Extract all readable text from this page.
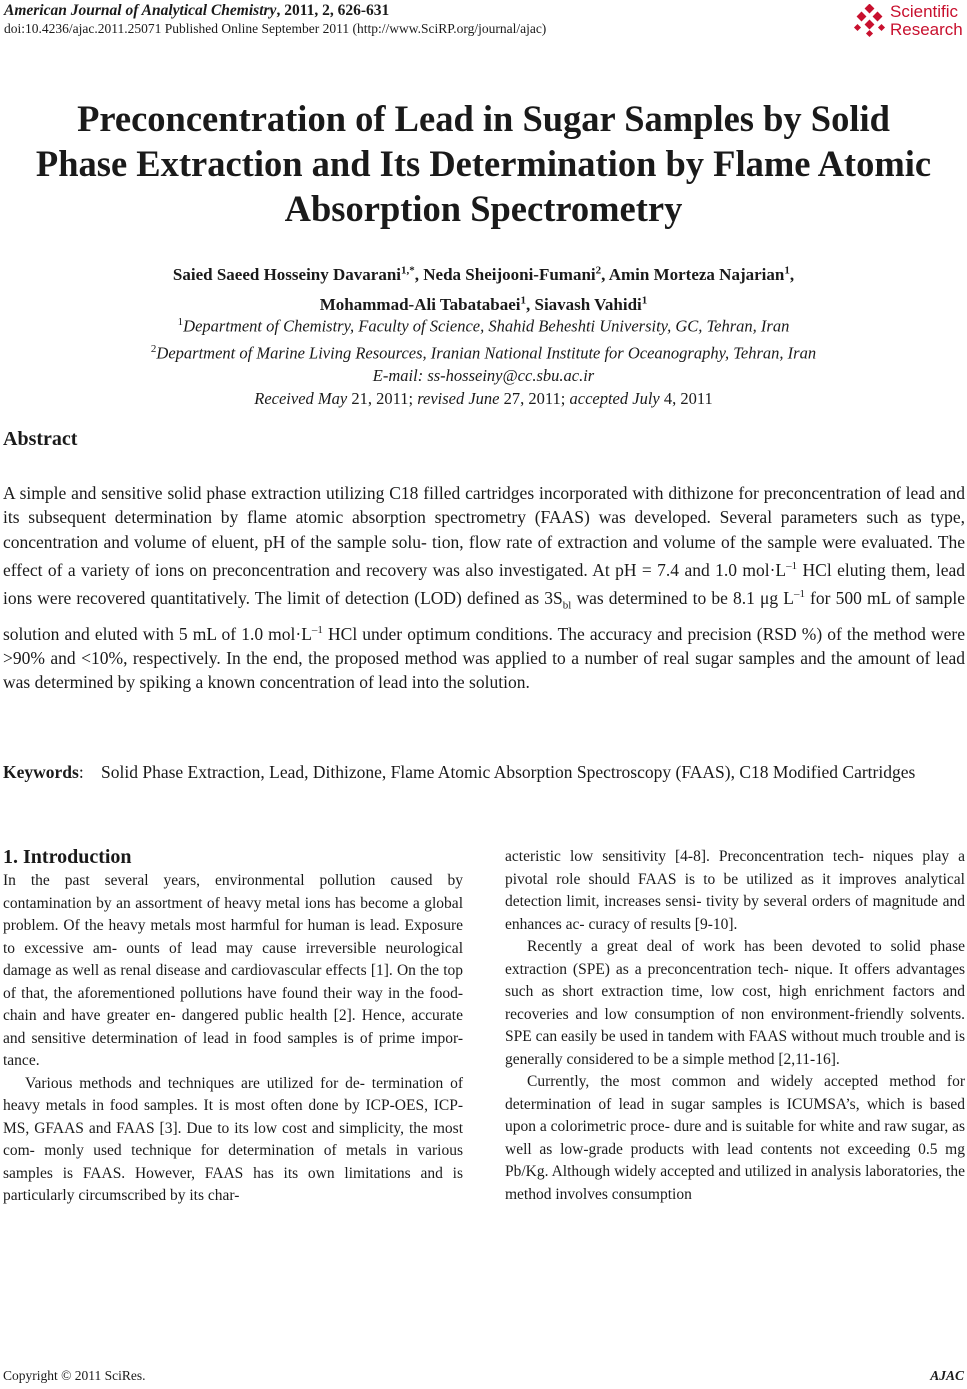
American Journal of Analytical Chemistry, 2011, 2, 626-631
doi:10.4236/ajac.2011.25071 Published Online September 2011 (http://www.SciRP.org/journal/ajac)
Scientific
Research
Preconcentration of Lead in Sugar Samples by Solid Phase Extraction and Its Determination by Flame Atomic Absorption Spectrometry
Saied Saeed Hosseiny Davarani$^{1,*}$, Neda Sheijooni-Fumani$^2$, Amin Morteza Najarian$^1$,
Mohammad-Ali Tabatabaei$^1$, Siavash Vahidi$^1$
$^1$Department of Chemistry, Faculty of Science, Shahid Beheshti University, GC, Tehran, Iran
$^2$Department of Marine Living Resources, Iranian National Institute for Oceanography, Tehran, Iran
E-mail: ss-hosseiny@cc.sbu.ac.ir
Received May 21, 2011; revised June 27, 2011; accepted July 4, 2011
Abstract
A simple and sensitive solid phase extraction utilizing C18 filled cartridges incorporated with dithizone for preconcentration of lead and its subsequent determination by flame atomic absorption spectrometry (FAAS) was developed. Several parameters such as type, concentration and volume of eluent, pH of the sample solu- tion, flow rate of extraction and volume of the sample were evaluated. The effect of a variety of ions on preconcentration and recovery was also investigated. At pH = 7.4 and 1.0 $mol\cdot L^{-1}$ HCl eluting them, lead ions were recovered quantitatively. The limit of detection (LOD) defined as $3S_{bl}$ was determined to be 8.1 μg $L^{-1}$ for 500 mL of sample solution and eluted with 5 mL of 1.0 $mol\cdot L^{-1}$ HCl under optimum conditions. The accuracy and precision (RSD %) of the method were >90% and <10%, respectively. In the end, the proposed method was applied to a number of real sugar samples and the amount of lead was determined by spiking a known concentration of lead into the solution.
Keywords: Solid Phase Extraction, Lead, Dithizone, Flame Atomic Absorption Spectroscopy (FAAS), C18 Modified Cartridges
1. Introduction

In the past several years, environmental pollution caused by contamination by an assortment of heavy metal ions has become a global problem. Of the heavy metals most harmful for human is lead. Exposure to excessive am- ounts of lead may cause irreversible neurological damage as well as renal disease and cardiovascular effects [1]. On the top of that, the aforementioned pollutions have found their way in the food-chain and have greater en- dangered public health [2]. Hence, accurate and sensitive determination of lead in food samples is of prime impor- tance.

Various methods and techniques are utilized for de- termination of heavy metals in food samples. It is most often done by ICP-OES, ICP-MS, GFAAS and FAAS [3]. Due to its low cost and simplicity, the most com- monly used technique for determination of metals in various samples is FAAS. However, FAAS has its own limitations and is particularly circumscribed by its char-

acteristic low sensitivity [4-8]. Preconcentration tech- niques play a pivotal role should FAAS is to be utilized as it improves analytical detection limit, increases sensi- tivity by several orders of magnitude and enhances ac- curacy of results [9-10].

Recently a great deal of work has been devoted to solid phase extraction (SPE) as a preconcentration tech- nique. It offers advantages such as short extraction time, low cost, high enrichment factors and recoveries and low consumption of non environment-friendly solvents. SPE can easily be used in tandem with FAAS without much trouble and is generally considered to be a simple method [2,11-16].

Currently, the most common and widely accepted method for determination of lead in sugar samples is ICUMSA’s, which is based upon a colorimetric proce- dure and is suitable for white and raw sugar, as well as low-grade products with lead contents not exceeding 0.5 mg Pb/Kg. Although widely accepted and utilized in analysis laboratories, the method involves consumption

Copyright © 2011 SciRes.	AJAC
